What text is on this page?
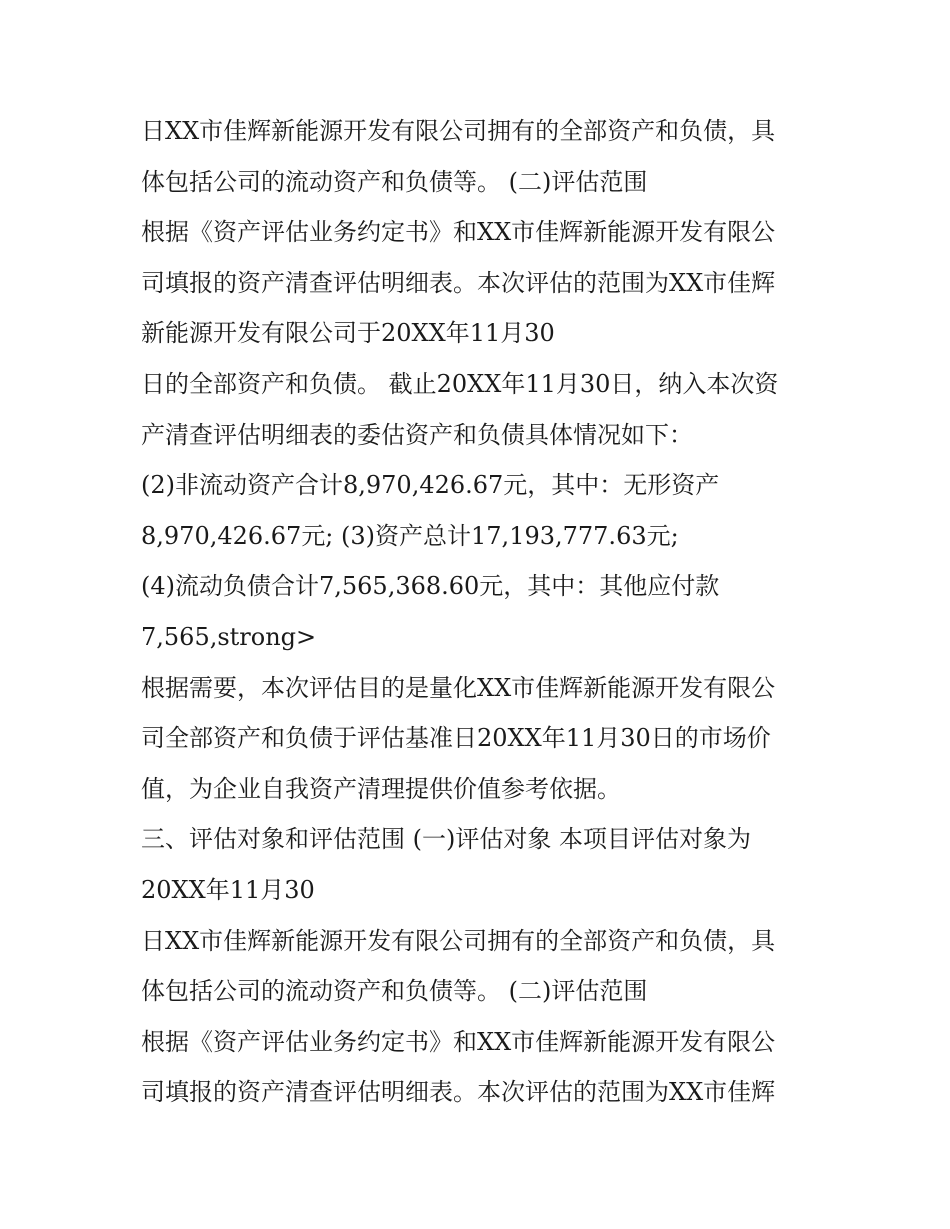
日XX市佳辉新能源开发有限公司拥有的全部资产和负债，具

体包括公司的流动资产和负债等。 (二)评估范围

根据《资产评估业务约定书》和XX市佳辉新能源开发有限公

司填报的资产清查评估明细表。本次评估的范围为XX市佳辉

新能源开发有限公司于20XX年11月30

日的全部资产和负债。 截止20XX年11月30日，纳入本次资

产清查评估明细表的委估资产和负债具体情况如下：

(2)非流动资产合计8,970,426.67元，其中：无形资产

8,970,426.67元; (3)资产总计17,193,777.63元;

(4)流动负债合计7,565,368.60元，其中：其他应付款

7,565,strong>

根据需要，本次评估目的是量化XX市佳辉新能源开发有限公

司全部资产和负债于评估基准日20XX年11月30日的市场价

值，为企业自我资产清理提供价值参考依据。

三、评估对象和评估范围 (一)评估对象 本项目评估对象为

20XX年11月30

日XX市佳辉新能源开发有限公司拥有的全部资产和负债，具

体包括公司的流动资产和负债等。 (二)评估范围

根据《资产评估业务约定书》和XX市佳辉新能源开发有限公

司填报的资产清查评估明细表。本次评估的范围为XX市佳辉
